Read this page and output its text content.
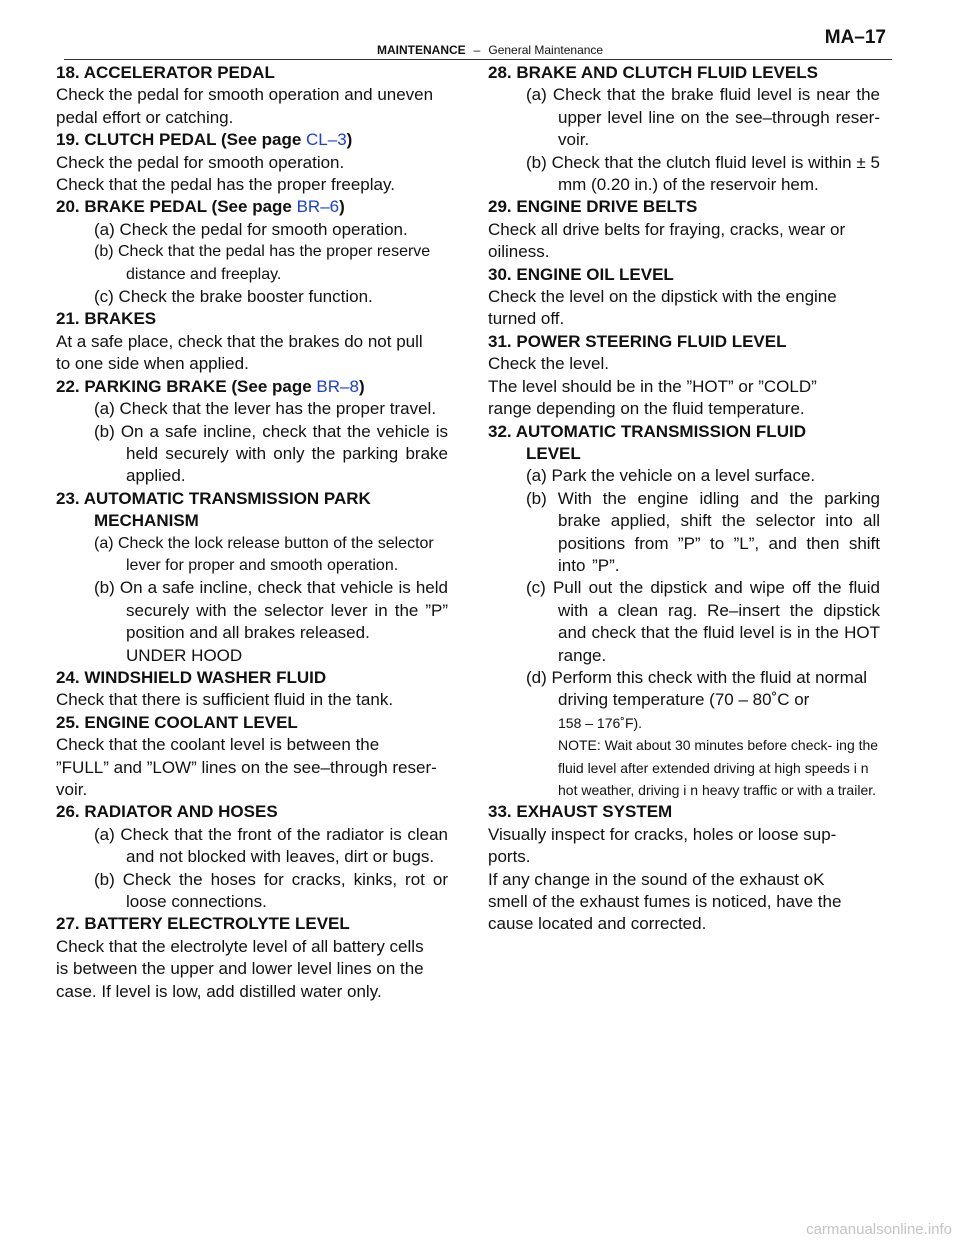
MAINTENANCE – General Maintenance
MA–17
18. ACCELERATOR PEDAL
Check the pedal for smooth operation and uneven
pedal effort or catching.
19. CLUTCH PEDAL (See page CL–3)
Check the pedal for smooth operation.
Check that the pedal has the proper freeplay.
20. BRAKE PEDAL (See page BR–6)
(a) Check the pedal for smooth operation.
(b) Check that the pedal has the proper reserve distance and freeplay.
(c) Check the brake booster function.
21. BRAKES
At a safe place, check that the brakes do not pull
to one side when applied.
22. PARKING BRAKE (See page BR–8)
(a) Check that the lever has the proper travel.
(b) On a safe incline, check that the vehicle is held securely with only the parking brake applied.
23. AUTOMATIC TRANSMISSION PARK
MECHANISM
(a) Check the lock release button of the selector lever for proper and smooth operation.
(b) On a safe incline, check that vehicle is held securely with the selector lever in the ”P” position and all brakes released.
UNDER HOOD
24. WINDSHIELD WASHER FLUID
Check that there is sufficient fluid in the tank.
25. ENGINE COOLANT LEVEL
Check that the coolant level is between the
”FULL” and ”LOW” lines on the see–through reser-
voir.
26. RADIATOR AND HOSES
(a) Check that the front of the radiator is clean and not blocked with leaves, dirt or bugs.
(b) Check the hoses for cracks, kinks, rot or loose connections.
27. BATTERY ELECTROLYTE LEVEL
Check that the electrolyte level of all battery cells
is between the upper and lower level lines on the
case. If level is low, add distilled water only.
28. BRAKE AND CLUTCH FLUID LEVELS
(a) Check that the brake fluid level is near the upper level line on the see–through reser- voir.
(b) Check that the clutch fluid level is within ± 5 mm (0.20 in.) of the reservoir hem.
29. ENGINE DRIVE BELTS
Check all drive belts for fraying, cracks, wear or
oiliness.
30. ENGINE OIL LEVEL
Check the level on the dipstick with the engine
turned off.
31. POWER STEERING FLUID LEVEL
Check the level.
The level should be in the ”HOT” or ”COLD”
range depending on the fluid temperature.
32. AUTOMATIC TRANSMISSION FLUID
LEVEL
(a) Park the vehicle on a level surface.
(b) With the engine idling and the parking brake applied, shift the selector into all positions from ”P” to ”L”, and then shift into ”P”.
(c) Pull out the dipstick and wipe off the fluid with a clean rag. Re–insert the dipstick and check that the fluid level is in the HOT range.
(d) Perform this check with the fluid at normal
driving temperature (70 – 80˚C or
158 – 176˚F).
NOTE: Wait about 30 minutes before check- ing the fluid level after extended driving at high speeds i n hot weather, driving i n heavy traffic or with a trailer.
33. EXHAUST SYSTEM
Visually inspect for cracks, holes or loose sup-
ports.
If any change in the sound of the exhaust oK
smell of the exhaust fumes is noticed, have the
cause located and corrected.
carmanualsonline.info
